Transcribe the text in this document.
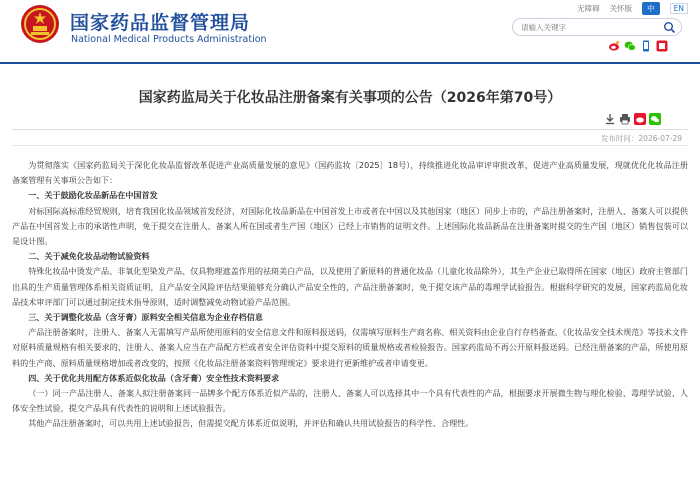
国家药品监督管理局
National Medical Products Administration
无障碍 关怀版	中	EN
请输入关键字
国家药监局关于化妆品注册备案有关事项的公告（2026年第70号）
发布时间：2026-07-29

为贯彻落实《国家药监局关于深化化妆品监督改革促进产业高质量发展的意见》（国药监妆〔2025〕18号），持续推进化妆品审评审批改革，促进产业高质量发展，现就优化化妆品注册备案管理有关事项公告如下：

一、关于鼓励化妆品新品在中国首发

对标国际高标准经贸规则，培育我国化妆品领域首发经济，对国际化妆品新品在中国首发上市或者在中国以及其他国家（地区）同步上市的，产品注册备案时，注册人、备案人可以提供产品在中国首发上市的承诺性声明，免于提交在注册人、备案人所在国或者生产国（地区）已经上市销售的证明文件。上述国际化妆品新品在注册备案时提交的生产国（地区）销售包装可以是设计图。

二、关于减免化妆品动物试验资料

特殊化妆品中烫发产品、非氧化型染发产品、仅具物理遮盖作用的祛斑美白产品，以及使用了新原料的普通化妆品（儿童化妆品除外），其生产企业已取得所在国家（地区）政府主管部门出具的生产质量管理体系相关资质证明，且产品安全风险评估结果能够充分确认产品安全性的，产品注册备案时，免于提交该产品的毒理学试验报告。根据科学研究的发展，国家药监局化妆品技术审评部门可以通过制定技术指导原则，适时调整减免动物试验产品范围。

三、关于调整化妆品（含牙膏）原料安全相关信息为企业存档信息

产品注册备案时，注册人、备案人无需填写产品所使用原料的安全信息文件和原料报送码，仅需填写原料生产商名称、相关资料由企业自行存档备查。《化妆品安全技术规范》等技术文件对原料质量规格有相关要求的，注册人、备案人应当在产品配方栏或者安全评估资料中提交原料的质量规格或者检验报告。国家药监局不再公开原料报送码。已经注册备案的产品，所使用原料的生产商、原料质量规格增加或者改变的，按照《化妆品注册备案资料管理规定》要求进行更新维护或者申请变更。

四、关于优化共用配方体系近似化妆品（含牙膏）安全性技术资料要求

（一）同一产品注册人、备案人拟注册备案同一品牌多个配方体系近似产品的，注册人、备案人可以选择其中一个具有代表性的产品，根据要求开展微生物与理化检验、毒理学试验、人体安全性试验，提交产品具有代表性的说明和上述试验报告。

其他产品注册备案时，可以共用上述试验报告，但需提交配方体系近似说明，并评估和确认共用试验报告的科学性、合理性。
